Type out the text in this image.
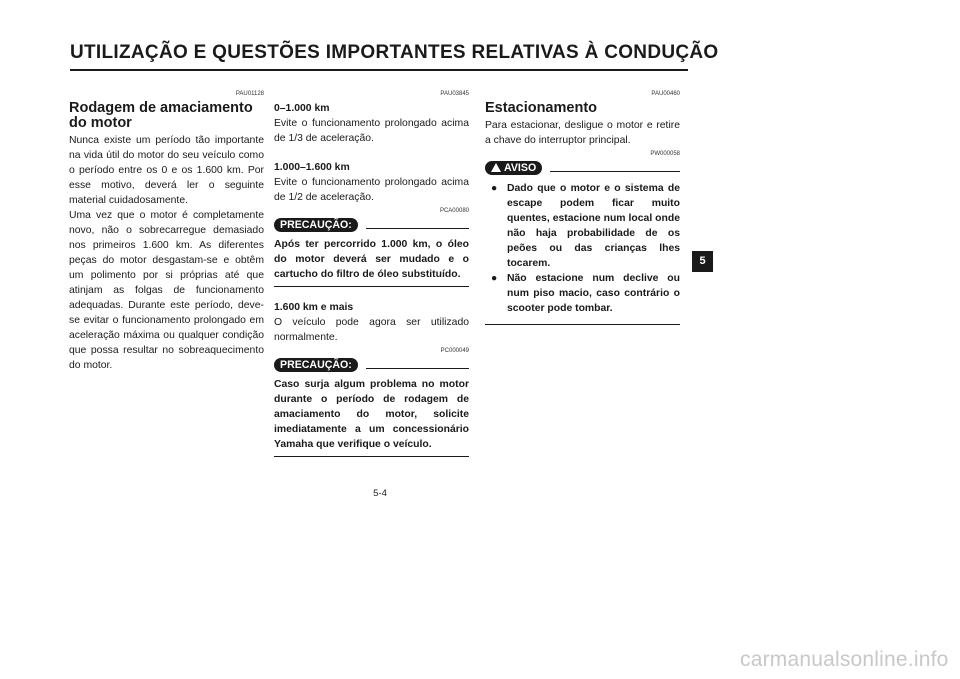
UTILIZAÇÃO E QUESTÕES IMPORTANTES RELATIVAS À CONDUÇÃO
PAU01128
Rodagem de amaciamento do motor

Nunca existe um período tão importante na vida útil do motor do seu veículo como o período entre os 0 e os 1.600 km. Por esse motivo, deverá ler o seguinte material cuidadosamente.

Uma vez que o motor é completamente novo, não o sobrecarregue demasiado nos primeiros 1.600 km. As diferentes peças do motor desgastam-se e obtêm um polimento por si próprias até que atinjam as folgas de funcionamento adequadas. Durante este período, deve-se evitar o funcionamento prolongado em aceleração máxima ou qualquer condição que possa resultar no sobreaquecimento do motor.

PAU03845
0–1.000 km

Evite o funcionamento prolongado acima de 1/3 de aceleração.

1.000–1.600 km

Evite o funcionamento prolongado acima de 1/2 de aceleração.

PCA00080
PRECAUÇÃO:

Após ter percorrido 1.000 km, o óleo do motor deverá ser mudado e o cartucho do filtro de óleo substituído.

1.600 km e mais

O veículo pode agora ser utilizado normalmente.

PC000049
PRECAUÇÃO:

Caso surja algum problema no motor durante o período de rodagem de amaciamento do motor, solicite imediatamente a um concessionário Yamaha que verifique o veículo.

PAU00460
Estacionamento

Para estacionar, desligue o motor e retire a chave do interruptor principal.

PW000058
AVISO
● Dado que o motor e o sistema de escape podem ficar muito quentes, estacione num local onde não haja probabilidade de os peões ou das crianças lhes tocarem.
● Não estacione num declive ou num piso macio, caso contrário o scooter pode tombar.
5
5-4
carmanualsonline.info
